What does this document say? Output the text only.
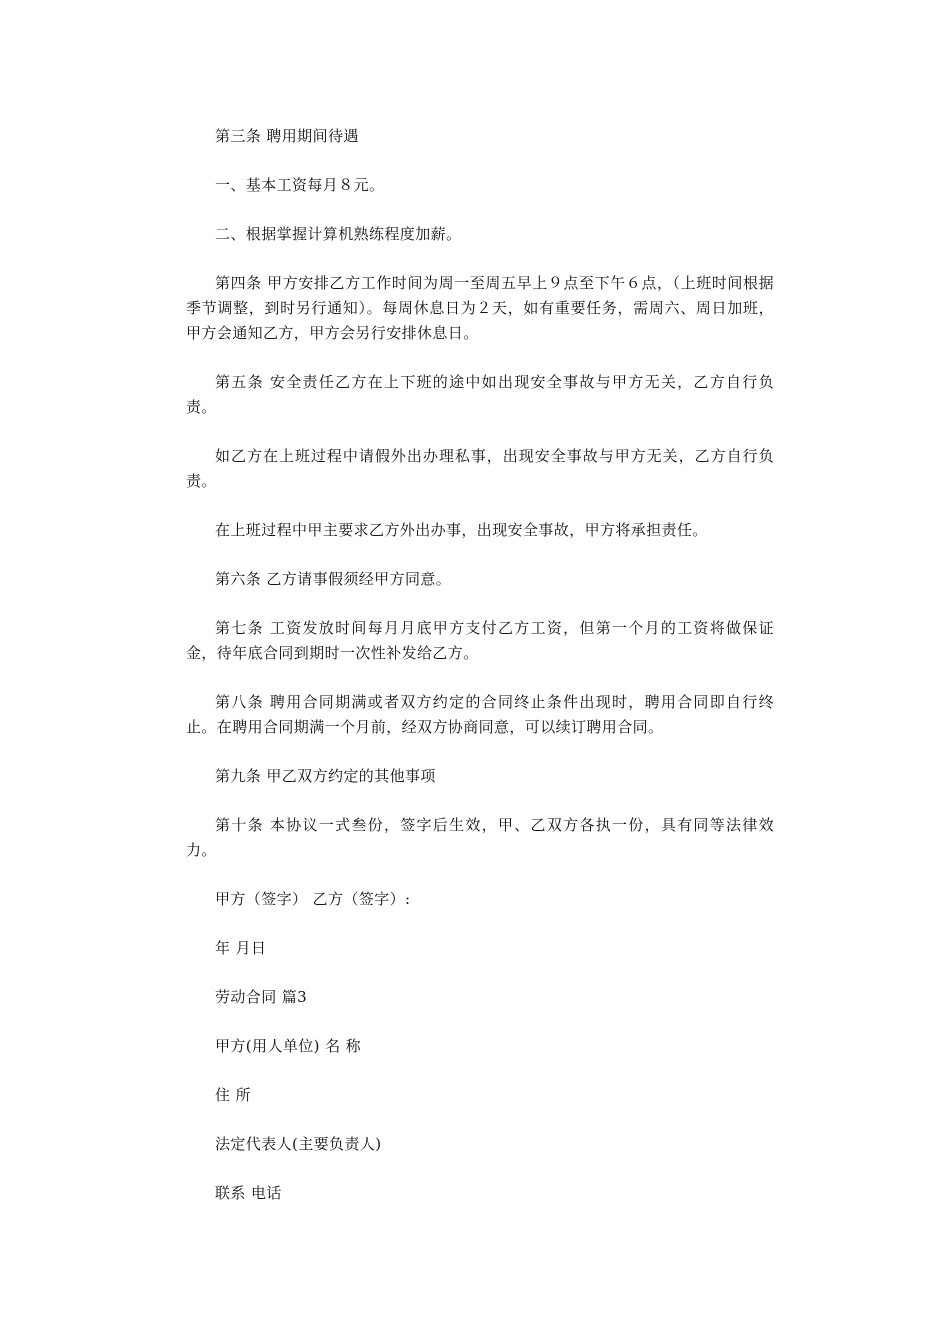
第三条 聘用期间待遇

一、基本工资每月８元。

二、根据掌握计算机熟练程度加薪。

第四条 甲方安排乙方工作时间为周一至周五早上９点至下午６点，（上班时间根据季节调整，到时另行通知）。每周休息日为２天，如有重要任务，需周六、周日加班，甲方会通知乙方，甲方会另行安排休息日。

第五条 安全责任乙方在上下班的途中如出现安全事故与甲方无关，乙方自行负责。

如乙方在上班过程中请假外出办理私事，出现安全事故与甲方无关，乙方自行负责。

在上班过程中甲主要求乙方外出办事，出现安全事故，甲方将承担责任。

第六条 乙方请事假须经甲方同意。

第七条 工资发放时间每月月底甲方支付乙方工资，但第一个月的工资将做保证金，待年底合同到期时一次性补发给乙方。

第八条 聘用合同期满或者双方约定的合同终止条件出现时，聘用合同即自行终止。在聘用合同期满一个月前，经双方协商同意，可以续订聘用合同。

第九条 甲乙双方约定的其他事项

第十条 本协议一式叁份，签字后生效，甲、乙双方各执一份，具有同等法律效力。

甲方（签字） 乙方（签字）:

年 月日

劳动合同 篇3

甲方(用人单位) 名 称

住 所

法定代表人(主要负责人)

联系 电话
